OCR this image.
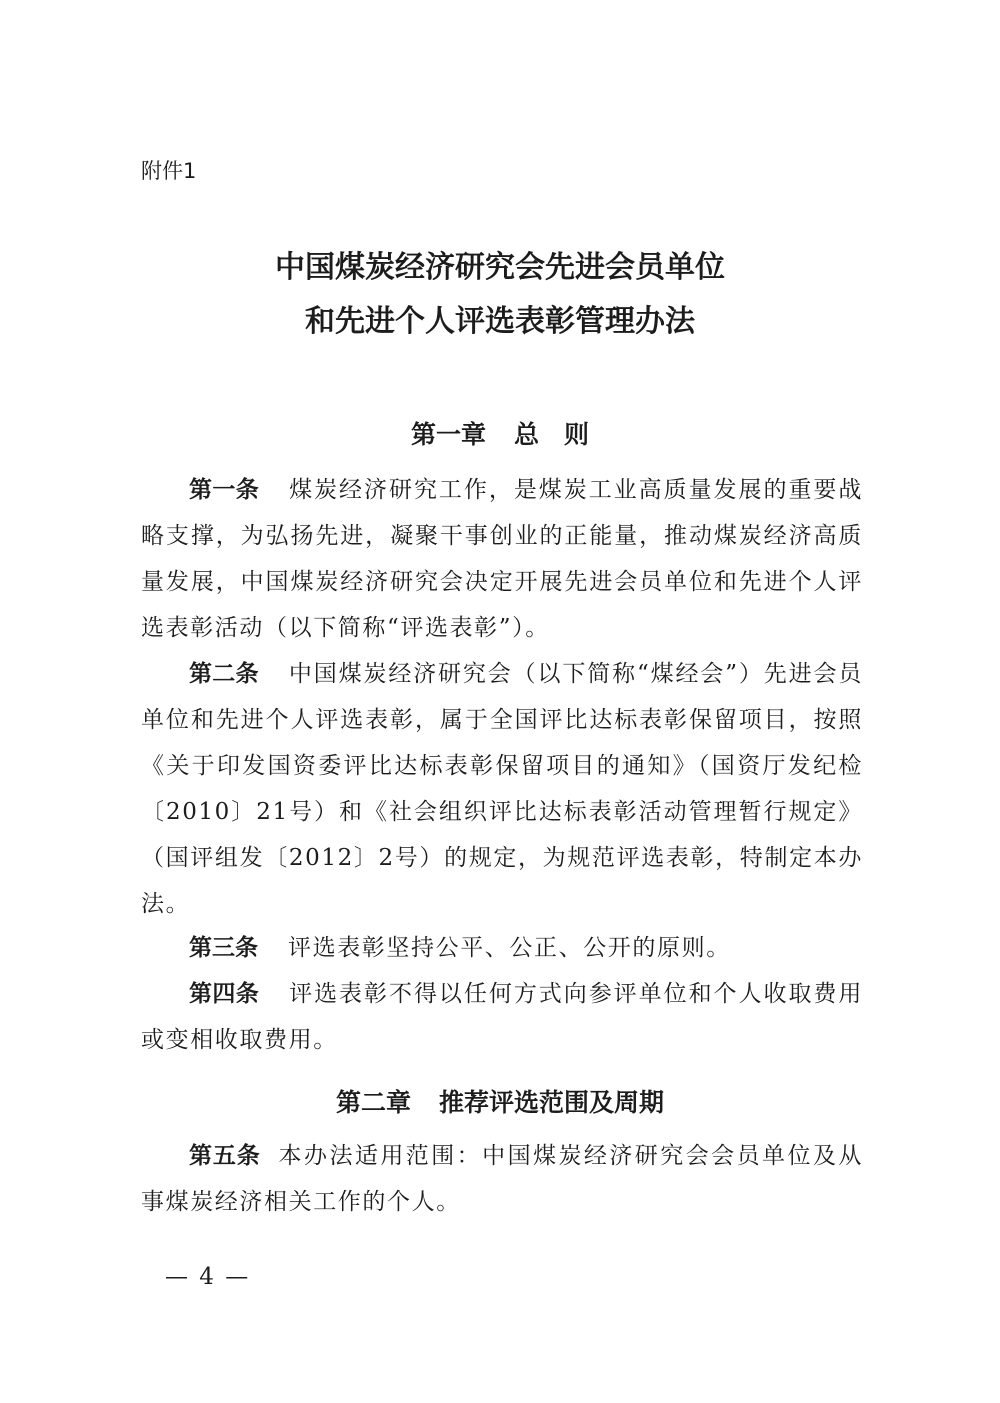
附件1
中国煤炭经济研究会先进会员单位
和先进个人评选表彰管理办法
第一章 总　则
第一条 煤炭经济研究工作，是煤炭工业高质量发展的重要战略支撑，为弘扬先进，凝聚干事创业的正能量，推动煤炭经济高质量发展，中国煤炭经济研究会决定开展先进会员单位和先进个人评选表彰活动（以下简称“评选表彰”）。
第二条 中国煤炭经济研究会（以下简称“煤经会”）先进会员单位和先进个人评选表彰，属于全国评比达标表彰保留项目，按照《关于印发国资委评比达标表彰保留项目的通知》（国资厅发纪检〔2010〕21号）和《社会组织评比达标表彰活动管理暂行规定》（国评组发〔2012〕2号）的规定，为规范评选表彰，特制定本办法。
第三条 评选表彰坚持公平、公正、公开的原则。
第四条 评选表彰不得以任何方式向参评单位和个人收取费用或变相收取费用。
第二章 推荐评选范围及周期
第五条 本办法适用范围：中国煤炭经济研究会会员单位及从事煤炭经济相关工作的个人。
— 4 —
